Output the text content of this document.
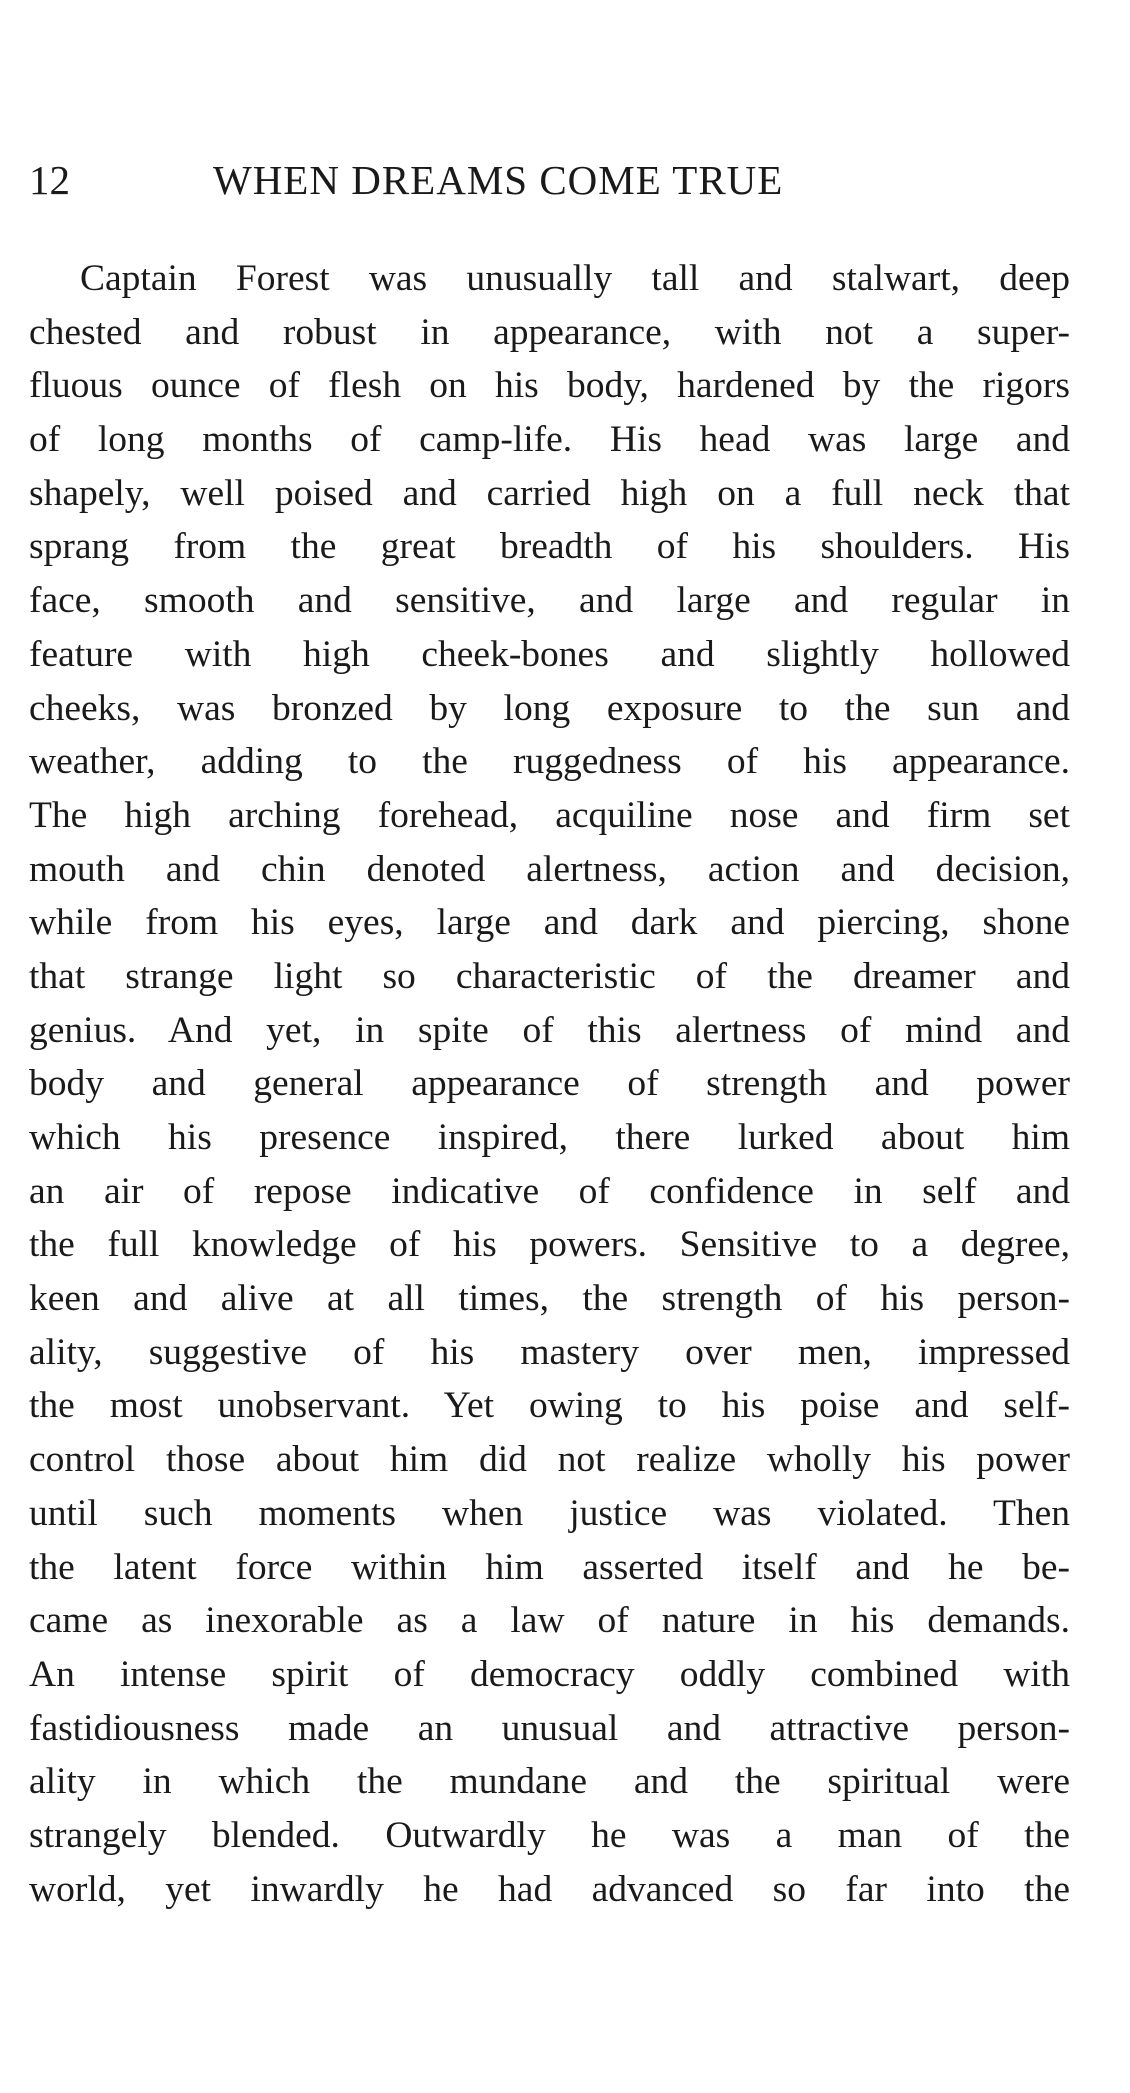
12	WHEN DREAMS COME TRUE
Captain Forest was unusually tall and stalwart, deep
chested and robust in appearance, with not a super-
fluous ounce of flesh on his body, hardened by the rigors
of long months of camp-life. His head was large and
shapely, well poised and carried high on a full neck that
sprang from the great breadth of his shoulders. His
face, smooth and sensitive, and large and regular in
feature with high cheek-bones and slightly hollowed
cheeks, was bronzed by long exposure to the sun and
weather, adding to the ruggedness of his appearance.
The high arching forehead, acquiline nose and firm set
mouth and chin denoted alertness, action and decision,
while from his eyes, large and dark and piercing, shone
that strange light so characteristic of the dreamer and
genius. And yet, in spite of this alertness of mind and
body and general appearance of strength and power
which his presence inspired, there lurked about him
an air of repose indicative of confidence in self and
the full knowledge of his powers. Sensitive to a degree,
keen and alive at all times, the strength of his person-
ality, suggestive of his mastery over men, impressed
the most unobservant. Yet owing to his poise and self-
control those about him did not realize wholly his power
until such moments when justice was violated. Then
the latent force within him asserted itself and he be-
came as inexorable as a law of nature in his demands.
An intense spirit of democracy oddly combined with
fastidiousness made an unusual and attractive person-
ality in which the mundane and the spiritual were
strangely blended. Outwardly he was a man of the
world, yet inwardly he had advanced so far into the
